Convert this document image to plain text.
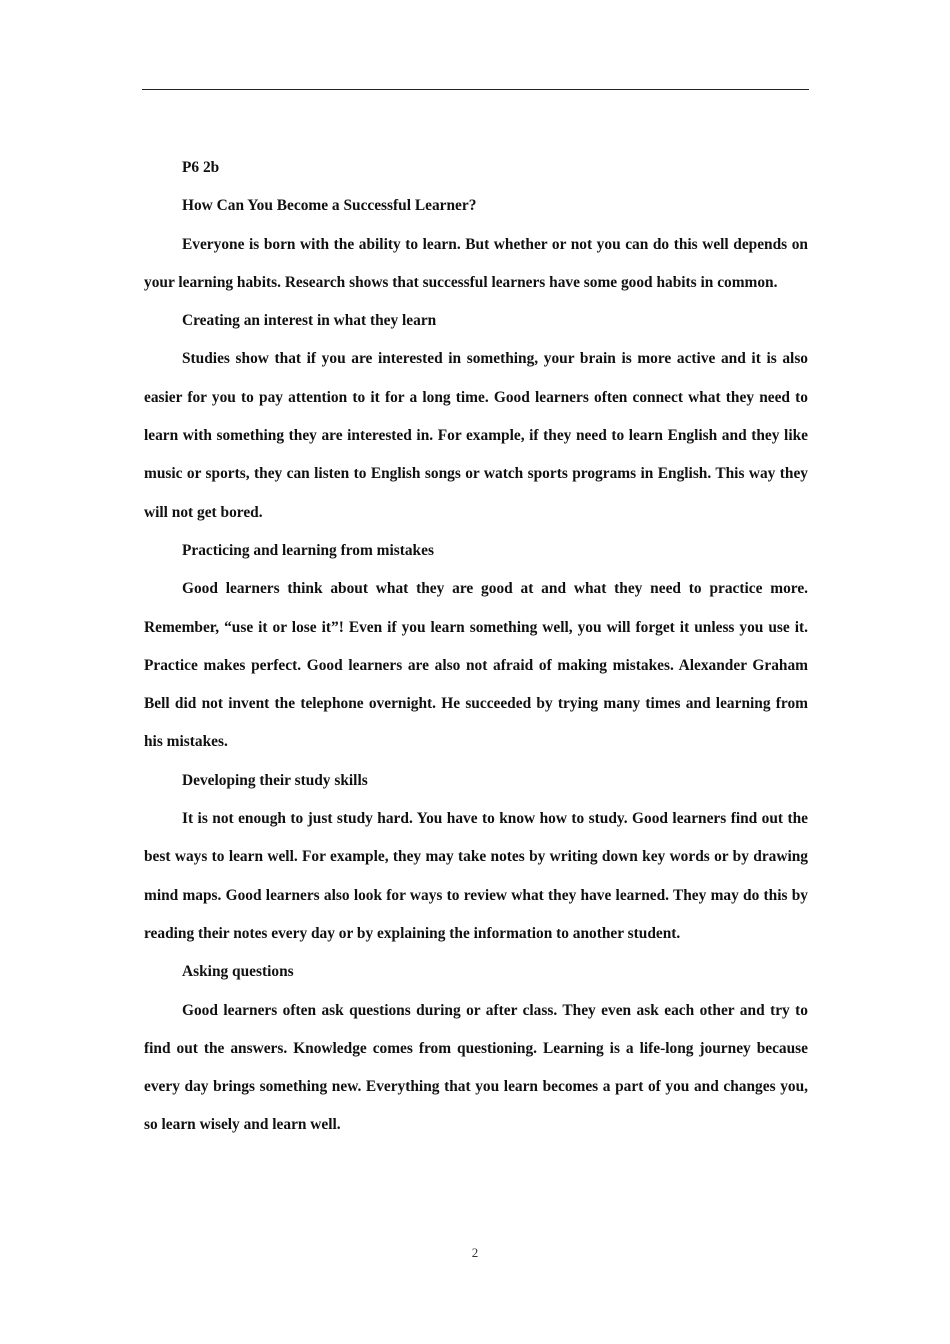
P6 2b

How Can You Become a Successful Learner?

Everyone is born with the ability to learn. But whether or not you can do this well depends on your learning habits. Research shows that successful learners have some good habits in common.

Creating an interest in what they learn

Studies show that if you are interested in something, your brain is more active and it is also easier for you to pay attention to it for a long time. Good learners often connect what they need to learn with something they are interested in. For example, if they need to learn English and they like music or sports, they can listen to English songs or watch sports programs in English. This way they will not get bored.

Practicing and learning from mistakes

Good learners think about what they are good at and what they need to practice more. Remember, “use it or lose it”! Even if you learn something well, you will forget it unless you use it. Practice makes perfect. Good learners are also not afraid of making mistakes. Alexander Graham Bell did not invent the telephone overnight. He succeeded by trying many times and learning from his mistakes.

Developing their study skills

It is not enough to just study hard. You have to know how to study. Good learners find out the best ways to learn well. For example, they may take notes by writing down key words or by drawing mind maps. Good learners also look for ways to review what they have learned. They may do this by reading their notes every day or by explaining the information to another student.

Asking questions

Good learners often ask questions during or after class. They even ask each other and try to find out the answers. Knowledge comes from questioning. Learning is a life-long journey because every day brings something new. Everything that you learn becomes a part of you and changes you, so learn wisely and learn well.

2
